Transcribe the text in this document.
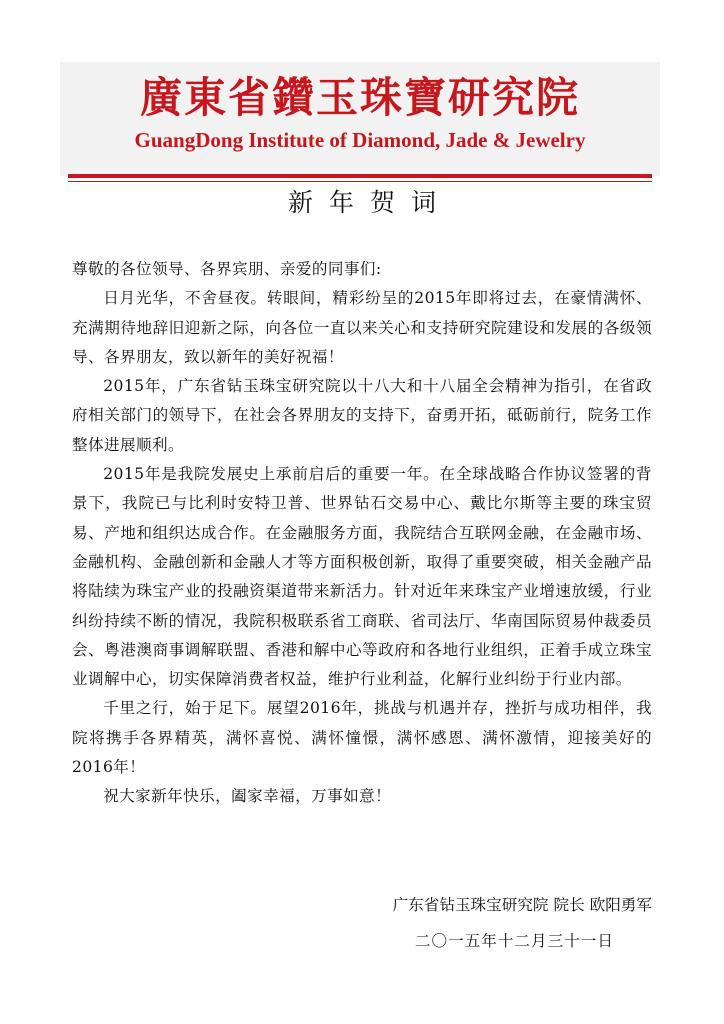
廣東省鑽玉珠寶研究院
GuangDong Institute of Diamond, Jade & Jewelry
新年贺词

尊敬的各位领导、各界宾朋、亲爱的同事们:

日月光华，不舍昼夜。转眼间，精彩纷呈的2015年即将过去，在豪情满怀、充满期待地辞旧迎新之际，向各位一直以来关心和支持研究院建设和发展的各级领导、各界朋友，致以新年的美好祝福！

2015年，广东省钻玉珠宝研究院以十八大和十八届全会精神为指引，在省政府相关部门的领导下，在社会各界朋友的支持下，奋勇开拓，砥砺前行，院务工作整体进展顺利。

2015年是我院发展史上承前启后的重要一年。在全球战略合作协议签署的背景下，我院已与比利时安特卫普、世界钻石交易中心、戴比尔斯等主要的珠宝贸易、产地和组织达成合作。在金融服务方面，我院结合互联网金融，在金融市场、金融机构、金融创新和金融人才等方面积极创新，取得了重要突破，相关金融产品将陆续为珠宝产业的投融资渠道带来新活力。针对近年来珠宝产业增速放缓，行业纠纷持续不断的情况，我院积极联系省工商联、省司法厅、华南国际贸易仲裁委员会、粤港澳商事调解联盟、香港和解中心等政府和各地行业组织，正着手成立珠宝业调解中心，切实保障消费者权益，维护行业利益，化解行业纠纷于行业内部。

千里之行，始于足下。展望2016年，挑战与机遇并存，挫折与成功相伴，我院将携手各界精英，满怀喜悦、满怀憧憬，满怀感恩、满怀激情，迎接美好的2016年！

祝大家新年快乐，阖家幸福，万事如意！

广东省钻玉珠宝研究院 院长 欧阳勇军
二〇一五年十二月三十一日
